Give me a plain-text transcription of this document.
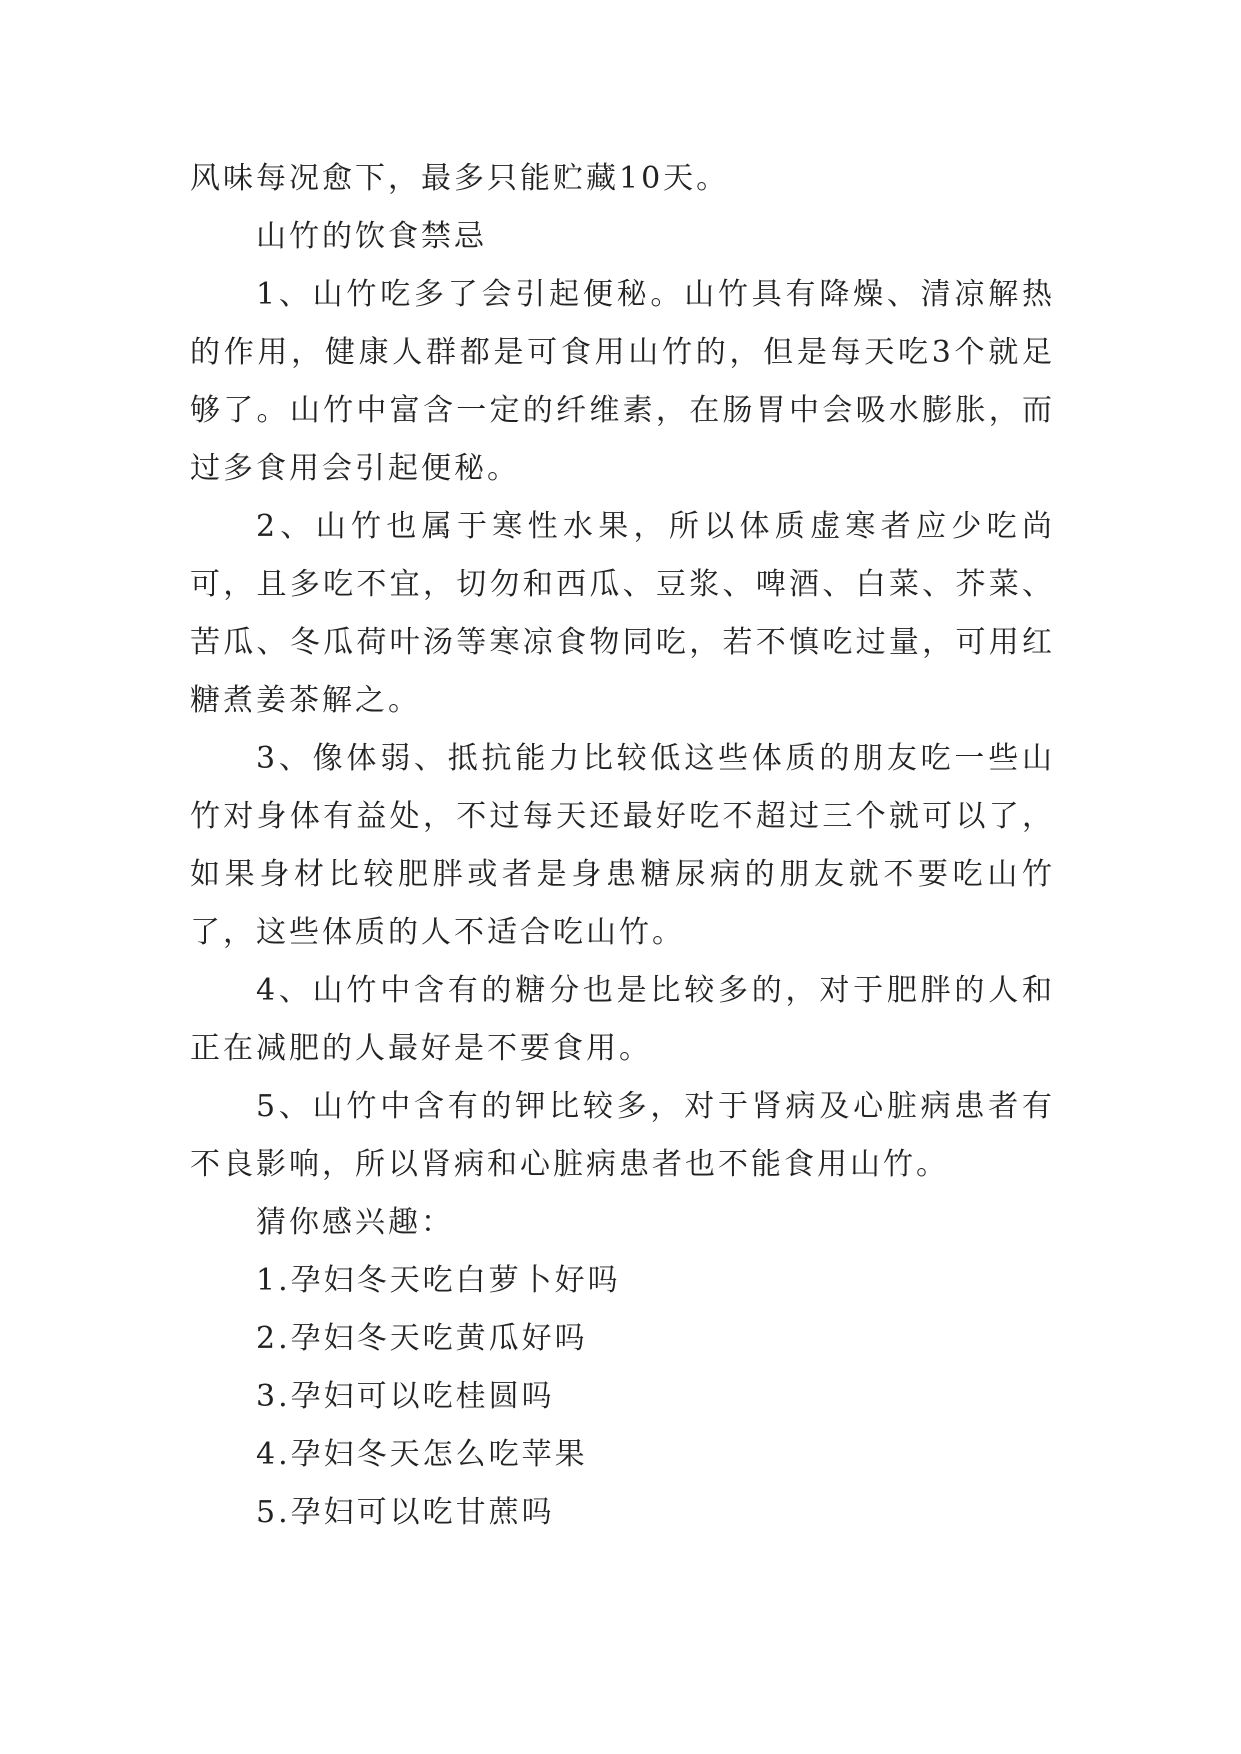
风味每况愈下，最多只能贮藏10天。

山竹的饮食禁忌

1、山竹吃多了会引起便秘。山竹具有降燥、清凉解热的作用，健康人群都是可食用山竹的，但是每天吃3个就足够了。山竹中富含一定的纤维素，在肠胃中会吸水膨胀，而过多食用会引起便秘。

2、山竹也属于寒性水果，所以体质虚寒者应少吃尚可，且多吃不宜，切勿和西瓜、豆浆、啤酒、白菜、芥菜、苦瓜、冬瓜荷叶汤等寒凉食物同吃，若不慎吃过量，可用红糖煮姜茶解之。

3、像体弱、抵抗能力比较低这些体质的朋友吃一些山竹对身体有益处，不过每天还最好吃不超过三个就可以了，如果身材比较肥胖或者是身患糖尿病的朋友就不要吃山竹了，这些体质的人不适合吃山竹。

4、山竹中含有的糖分也是比较多的，对于肥胖的人和正在减肥的人最好是不要食用。

5、山竹中含有的钾比较多，对于肾病及心脏病患者有不良影响，所以肾病和心脏病患者也不能食用山竹。

猜你感兴趣：

1.孕妇冬天吃白萝卜好吗

2.孕妇冬天吃黄瓜好吗

3.孕妇可以吃桂圆吗

4.孕妇冬天怎么吃苹果

5.孕妇可以吃甘蔗吗
